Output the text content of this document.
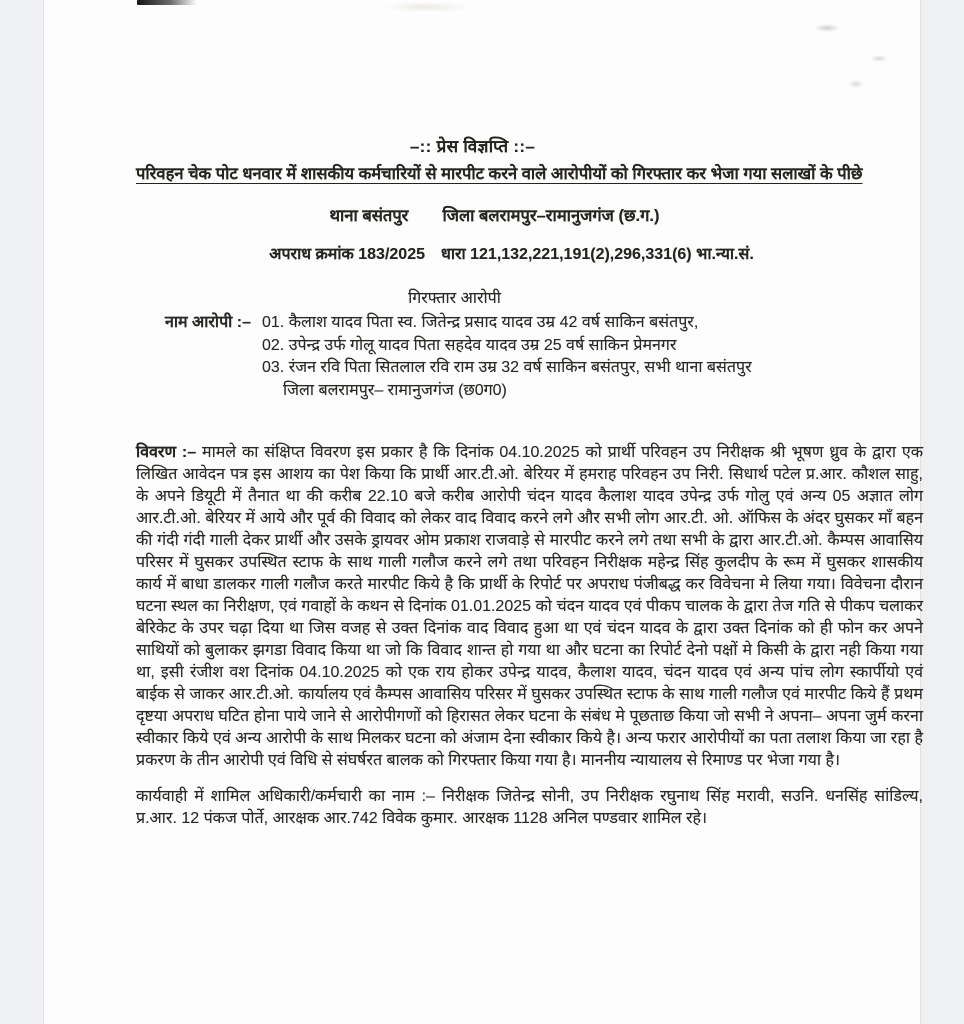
–:: प्रेस विज्ञप्ति ::–
परिवहन चेक पोट धनवार में शासकीय कर्मचारियों से मारपीट करने वाले आरोपीयों को गिरफ्तार कर भेजा गया सलाखों के पीछे
थाना बसंतपुर जिला बलरामपुर–रामानुजगंज (छ.ग.)
अपराध क्रमांक 183/2025 धारा 121,132,221,191(2),296,331(6) भा.न्या.सं.
गिरफ्तार आरोपी
नाम आरोपी :– 01. कैलाश यादव पिता स्व. जितेन्द्र प्रसाद यादव उम्र 42 वर्ष साकिन बसंतपुर,
02. उपेन्द्र उर्फ गोलू यादव पिता सहदेव यादव उम्र 25 वर्ष साकिन प्रेमनगर
03. रंजन रवि पिता सितलाल रवि राम उम्र 32 वर्ष साकिन बसंतपुर, सभी थाना बसंतपुर
जिला बलरामपुर– रामानुजगंज (छ0ग0)
विवरण :– मामले का संक्षिप्त विवरण इस प्रकार है कि दिनांक 04.10.2025 को प्रार्थी परिवहन उप निरीक्षक श्री भूषण ध्रुव के द्वारा एक लिखित आवेदन पत्र इस आशय का पेश किया कि प्रार्थी आर.टी.ओ. बेरियर में हमराह परिवहन उप निरी. सिधार्थ पटेल प्र.आर. कौशल साहु, के अपने डियूटी में तैनात था की करीब 22.10 बजे करीब आरोपी चंदन यादव कैलाश यादव उपेन्द्र उर्फ गोलु एवं अन्य 05 अज्ञात लोग आर.टी.ओ. बेरियर में आये और पूर्व की विवाद को लेकर वाद विवाद करने लगे और सभी लोग आर.टी. ओ. ऑफिस के अंदर घुसकर माँ बहन की गंदी गंदी गाली देकर प्रार्थी और उसके ड्रायवर ओम प्रकाश राजवाड़े से मारपीट करने लगे तथा सभी के द्वारा आर.टी.ओ. कैम्पस आवासिय परिसर में घुसकर उपस्थित स्टाफ के साथ गाली गलौज करने लगे तथा परिवहन निरीक्षक महेन्द्र सिंह कुलदीप के रूम में घुसकर शासकीय कार्य में बाधा डालकर गाली गलौज करते मारपीट किये है कि प्रार्थी के रिपोर्ट पर अपराध पंजीबद्ध कर विवेचना मे लिया गया। विवेचना दौरान घटना स्थल का निरीक्षण, एवं गवाहों के कथन से दिनांक 01.01.2025 को चंदन यादव एवं पीकप चालक के द्वारा तेज गति से पीकप चलाकर बेरिकेट के उपर चढ़ा दिया था जिस वजह से उक्त दिनांक वाद विवाद हुआ था एवं चंदन यादव के द्वारा उक्त दिनांक को ही फोन कर अपने साथियों को बुलाकर झगडा विवाद किया था जो कि विवाद शान्त हो गया था और घटना का रिपोर्ट देनो पक्षों मे किसी के द्वारा नही किया गया था, इसी रंजीश वश दिनांक 04.10.2025 को एक राय होकर उपेन्द्र यादव, कैलाश यादव, चंदन यादव एवं अन्य पांच लोग स्कार्पीयो एवं बाईक से जाकर आर.टी.ओ. कार्यालय एवं कैम्पस आवासिय परिसर में घुसकर उपस्थित स्टाफ के साथ गाली गलौज एवं मारपीट किये हैं प्रथम दृष्टया अपराध घटित होना पाये जाने से आरोपीगणों को हिरासत लेकर घटना के संबंध मे पूछताछ किया जो सभी ने अपना– अपना जुर्म करना स्वीकार किये एवं अन्य आरोपी के साथ मिलकर घटना को अंजाम देना स्वीकार किये है। अन्य फरार आरोपीयों का पता तलाश किया जा रहा है प्रकरण के तीन आरोपी एवं विधि से संघर्षरत बालक को गिरफ्तार किया गया है। माननीय न्यायालय से रिमाण्ड पर भेजा गया है।
कार्यवाही में शामिल अधिकारी/कर्मचारी का नाम :– निरीक्षक जितेन्द्र सोनी, उप निरीक्षक रघुनाथ सिंह मरावी, सउनि. धनसिंह सांडिल्य, प्र.आर. 12 पंकज पोर्ते, आरक्षक आर.742 विवेक कुमार. आरक्षक 1128 अनिल पण्डवार शामिल रहे।
